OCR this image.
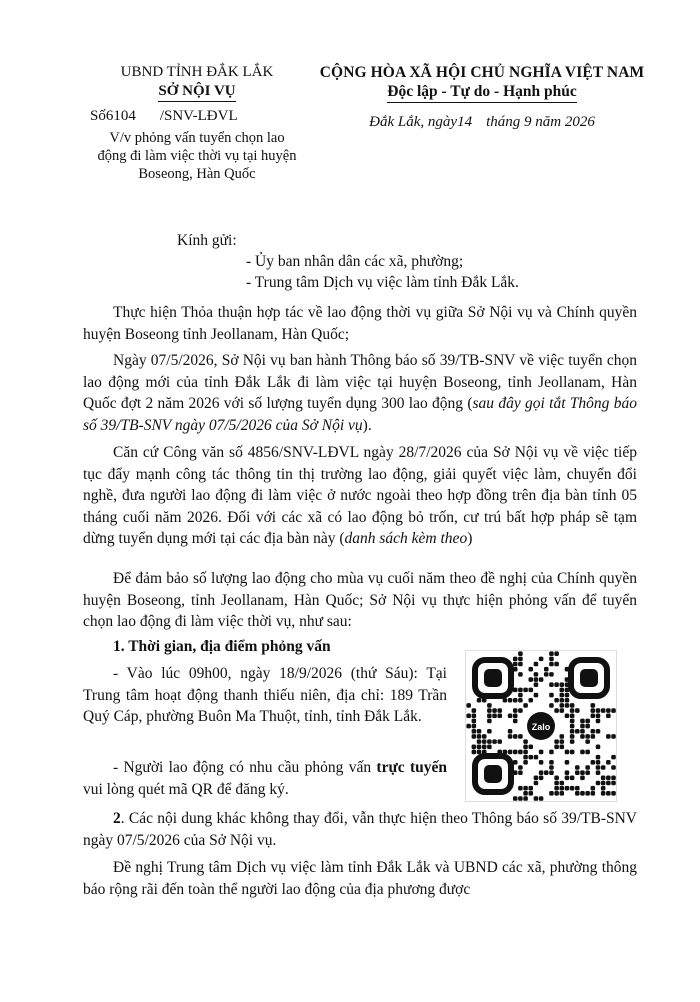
UBND TỈNH ĐẮK LẮK
SỞ NỘI VỤ
Số6104 /SNV-LĐVL
V/v phỏng vấn tuyển chọn lao
động đi làm việc thời vụ tại huyện
Boseong, Hàn Quốc
CỘNG HÒA XÃ HỘI CHỦ NGHĨA VIỆT NAM
Độc lập - Tự do - Hạnh phúc
Đắk Lắk, ngày14 tháng 9 năm 2026
Kính gửi:
- Ủy ban nhân dân các xã, phường;
- Trung tâm Dịch vụ việc làm tỉnh Đắk Lắk.
Thực hiện Thỏa thuận hợp tác về lao động thời vụ giữa Sở Nội vụ và Chính quyền huyện Boseong tỉnh Jeollanam, Hàn Quốc;
Ngày 07/5/2026, Sở Nội vụ ban hành Thông báo số 39/TB-SNV về việc tuyển chọn lao động mới của tỉnh Đắk Lắk đi làm việc tại huyện Boseong, tỉnh Jeollanam, Hàn Quốc đợt 2 năm 2026 với số lượng tuyển dụng 300 lao động (sau đây gọi tắt Thông báo số 39/TB-SNV ngày 07/5/2026 của Sở Nội vụ).
Căn cứ Công văn số 4856/SNV-LĐVL ngày 28/7/2026 của Sở Nội vụ về việc tiếp tục đẩy mạnh công tác thông tin thị trường lao động, giải quyết việc làm, chuyển đổi nghề, đưa người lao động đi làm việc ở nước ngoài theo hợp đồng trên địa bàn tỉnh 05 tháng cuối năm 2026. Đối với các xã có lao động bỏ trốn, cư trú bất hợp pháp sẽ tạm dừng tuyển dụng mới tại các địa bàn này (danh sách kèm theo)
Để đảm bảo số lượng lao động cho mùa vụ cuối năm theo đề nghị của Chính quyền huyện Boseong, tỉnh Jeollanam, Hàn Quốc; Sở Nội vụ thực hiện phỏng vấn để tuyển chọn lao động đi làm việc thời vụ, như sau:
1. Thời gian, địa điểm phỏng vấn
- Vào lúc 09h00, ngày 18/9/2026 (thứ Sáu): Tại Trung tâm hoạt động thanh thiếu niên, địa chỉ: 189 Trần Quý Cáp, phường Buôn Ma Thuột, tỉnh, tỉnh Đắk Lắk.
- Người lao động có nhu cầu phỏng vấn trực tuyến vui lòng quét mã QR để đăng ký.
2. Các nội dung khác không thay đổi, vẫn thực hiện theo Thông báo số 39/TB-SNV ngày 07/5/2026 của Sở Nội vụ.
Đề nghị Trung tâm Dịch vụ việc làm tỉnh Đắk Lắk và UBND các xã, phường thông báo rộng rãi đến toàn thể người lao động của địa phương được
Zalo
